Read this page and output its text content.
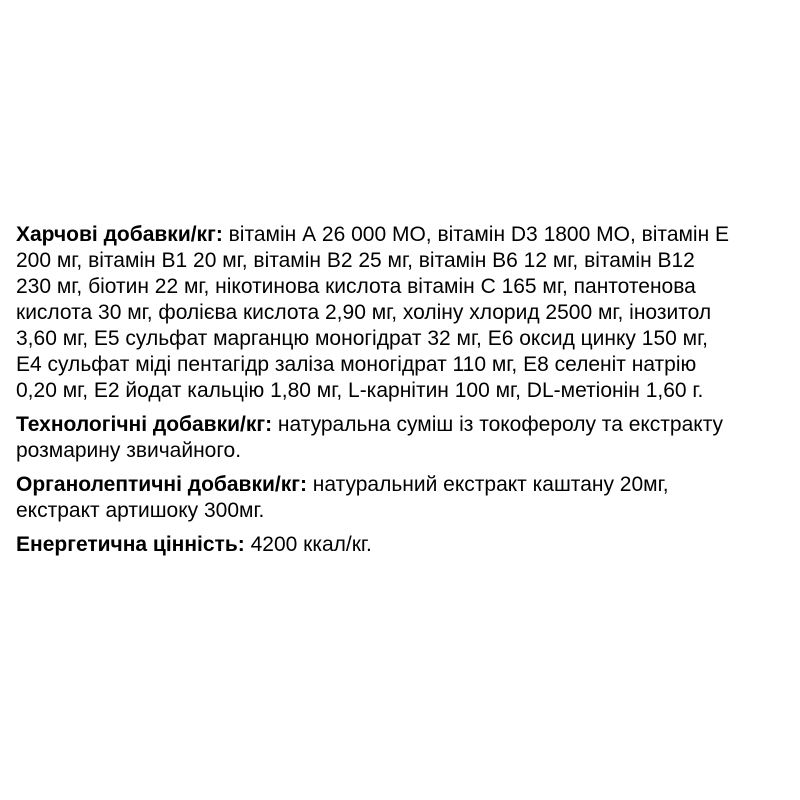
Харчові добавки/кг: вітамін А 26 000 МО, вітамін D3 1800 МО, вітамін Е
200 мг, вітамін В1 20 мг, вітамін В2 25 мг, вітамін В6 12 мг, вітамін В12
230 мг, біотин 22 мг, нікотинова кислота вітамін С 165 мг, пантотенова
кислота 30 мг, фолієва кислота 2,90 мг, холіну хлорид 2500 мг, інозитол
3,60 мг, Е5 сульфат марганцю моногідрат 32 мг, Е6 оксид цинку 150 мг,
Е4 сульфат міді пентагідр заліза моногідрат 110 мг, Е8 селеніт натрію
0,20 мг, Е2 йодат кальцію 1,80 мг, L-карнітин 100 мг, DL-метіонін 1,60 г.

Технологічні добавки/кг: натуральна суміш із токоферолу та екстракту
розмарину звичайного.

Органолептичні добавки/кг: натуральний екстракт каштану 20мг,
екстракт артишоку 300мг.

Енергетична цінність: 4200 ккал/кг.
